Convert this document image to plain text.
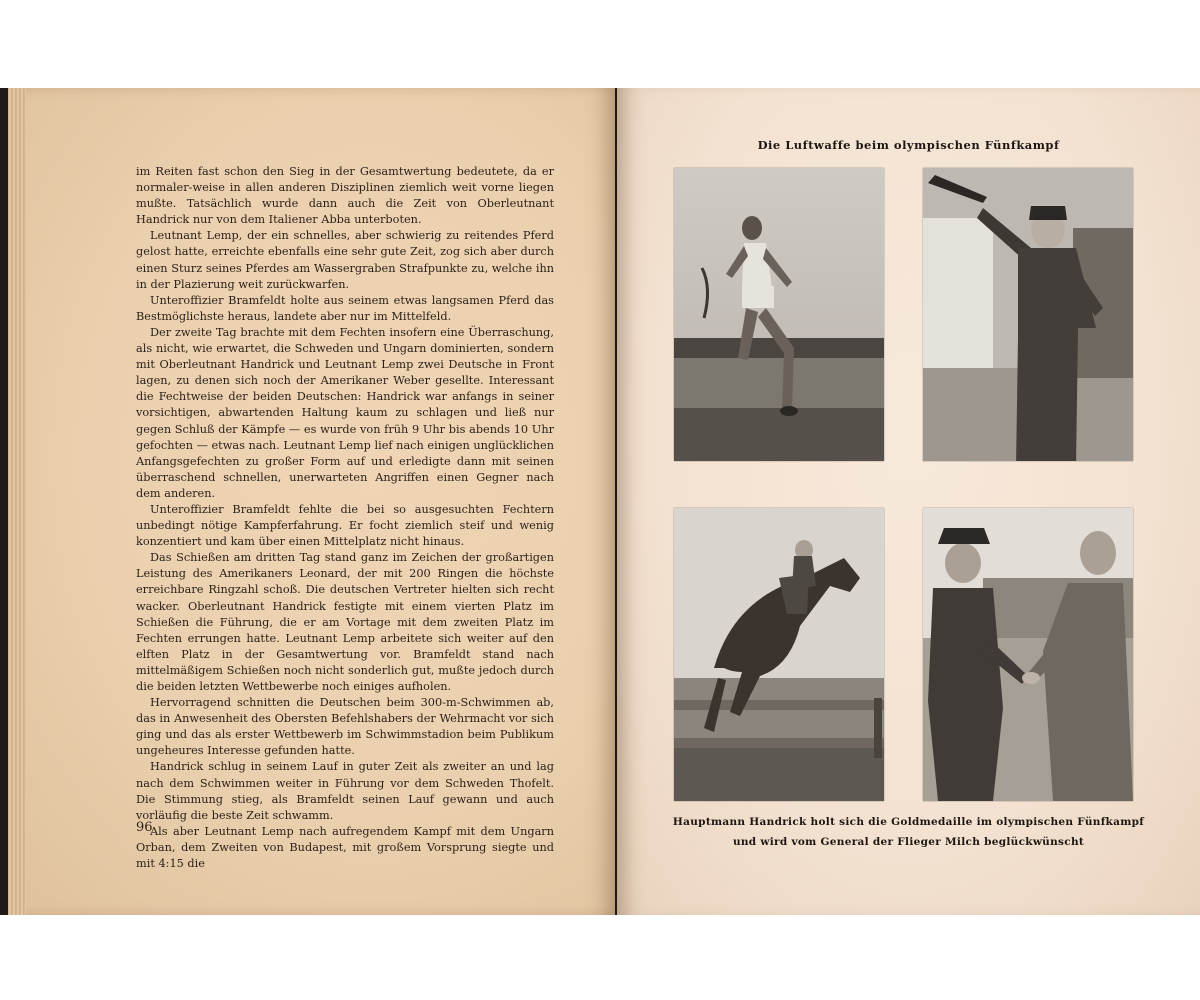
im Reiten fast schon den Sieg in der Gesamtwertung bedeutete, da er normaler-weise in allen anderen Disziplinen ziemlich weit vorne liegen mußte. Tatsächlich wurde dann auch die Zeit von Oberleutnant Handrick nur von dem Italiener Abba unterboten.

Leutnant Lemp, der ein schnelles, aber schwierig zu reitendes Pferd gelost hatte, erreichte ebenfalls eine sehr gute Zeit, zog sich aber durch einen Sturz seines Pferdes am Wassergraben Strafpunkte zu, welche ihn in der Plazierung weit zurückwarfen.

Unteroffizier Bramfeldt holte aus seinem etwas langsamen Pferd das Bestmöglichste heraus, landete aber nur im Mittelfeld.

Der zweite Tag brachte mit dem Fechten insofern eine Überraschung, als nicht, wie erwartet, die Schweden und Ungarn dominierten, sondern mit Oberleutnant Handrick und Leutnant Lemp zwei Deutsche in Front lagen, zu denen sich noch der Amerikaner Weber gesellte. Interessant die Fechtweise der beiden Deutschen: Handrick war anfangs in seiner vorsichtigen, abwartenden Haltung kaum zu schlagen und ließ nur gegen Schluß der Kämpfe — es wurde von früh 9 Uhr bis abends 10 Uhr gefochten — etwas nach. Leutnant Lemp lief nach einigen unglücklichen Anfangsgefechten zu großer Form auf und erledigte dann mit seinen überraschend schnellen, unerwarteten Angriffen einen Gegner nach dem anderen.

Unteroffizier Bramfeldt fehlte die bei so ausgesuchten Fechtern unbedingt nötige Kampferfahrung. Er focht ziemlich steif und wenig konzentiert und kam über einen Mittelplatz nicht hinaus.

Das Schießen am dritten Tag stand ganz im Zeichen der großartigen Leistung des Amerikaners Leonard, der mit 200 Ringen die höchste erreichbare Ringzahl schoß. Die deutschen Vertreter hielten sich recht wacker. Oberleutnant Handrick festigte mit einem vierten Platz im Schießen die Führung, die er am Vortage mit dem zweiten Platz im Fechten errungen hatte. Leutnant Lemp arbeitete sich weiter auf den elften Platz in der Gesamtwertung vor. Bramfeldt stand nach mittelmäßigem Schießen noch nicht sonderlich gut, mußte jedoch durch die beiden letzten Wettbewerbe noch einiges aufholen.

Hervorragend schnitten die Deutschen beim 300-m-Schwimmen ab, das in Anwesenheit des Obersten Befehlshabers der Wehrmacht vor sich ging und das als erster Wettbewerb im Schwimmstadion beim Publikum ungeheures Interesse gefunden hatte.

Handrick schlug in seinem Lauf in guter Zeit als zweiter an und lag nach dem Schwimmen weiter in Führung vor dem Schweden Thofelt. Die Stimmung stieg, als Bramfeldt seinen Lauf gewann und auch vorläufig die beste Zeit schwamm.

Als aber Leutnant Lemp nach aufregendem Kampf mit dem Ungarn Orban, dem Zweiten von Budapest, mit großem Vorsprung siegte und mit 4:15 die

96
Die Luftwaffe beim olympischen Fünfkampf
Hauptmann Handrick holt sich die Goldmedaille im olympischen Fünfkampf
und wird vom General der Flieger Milch beglückwünscht
